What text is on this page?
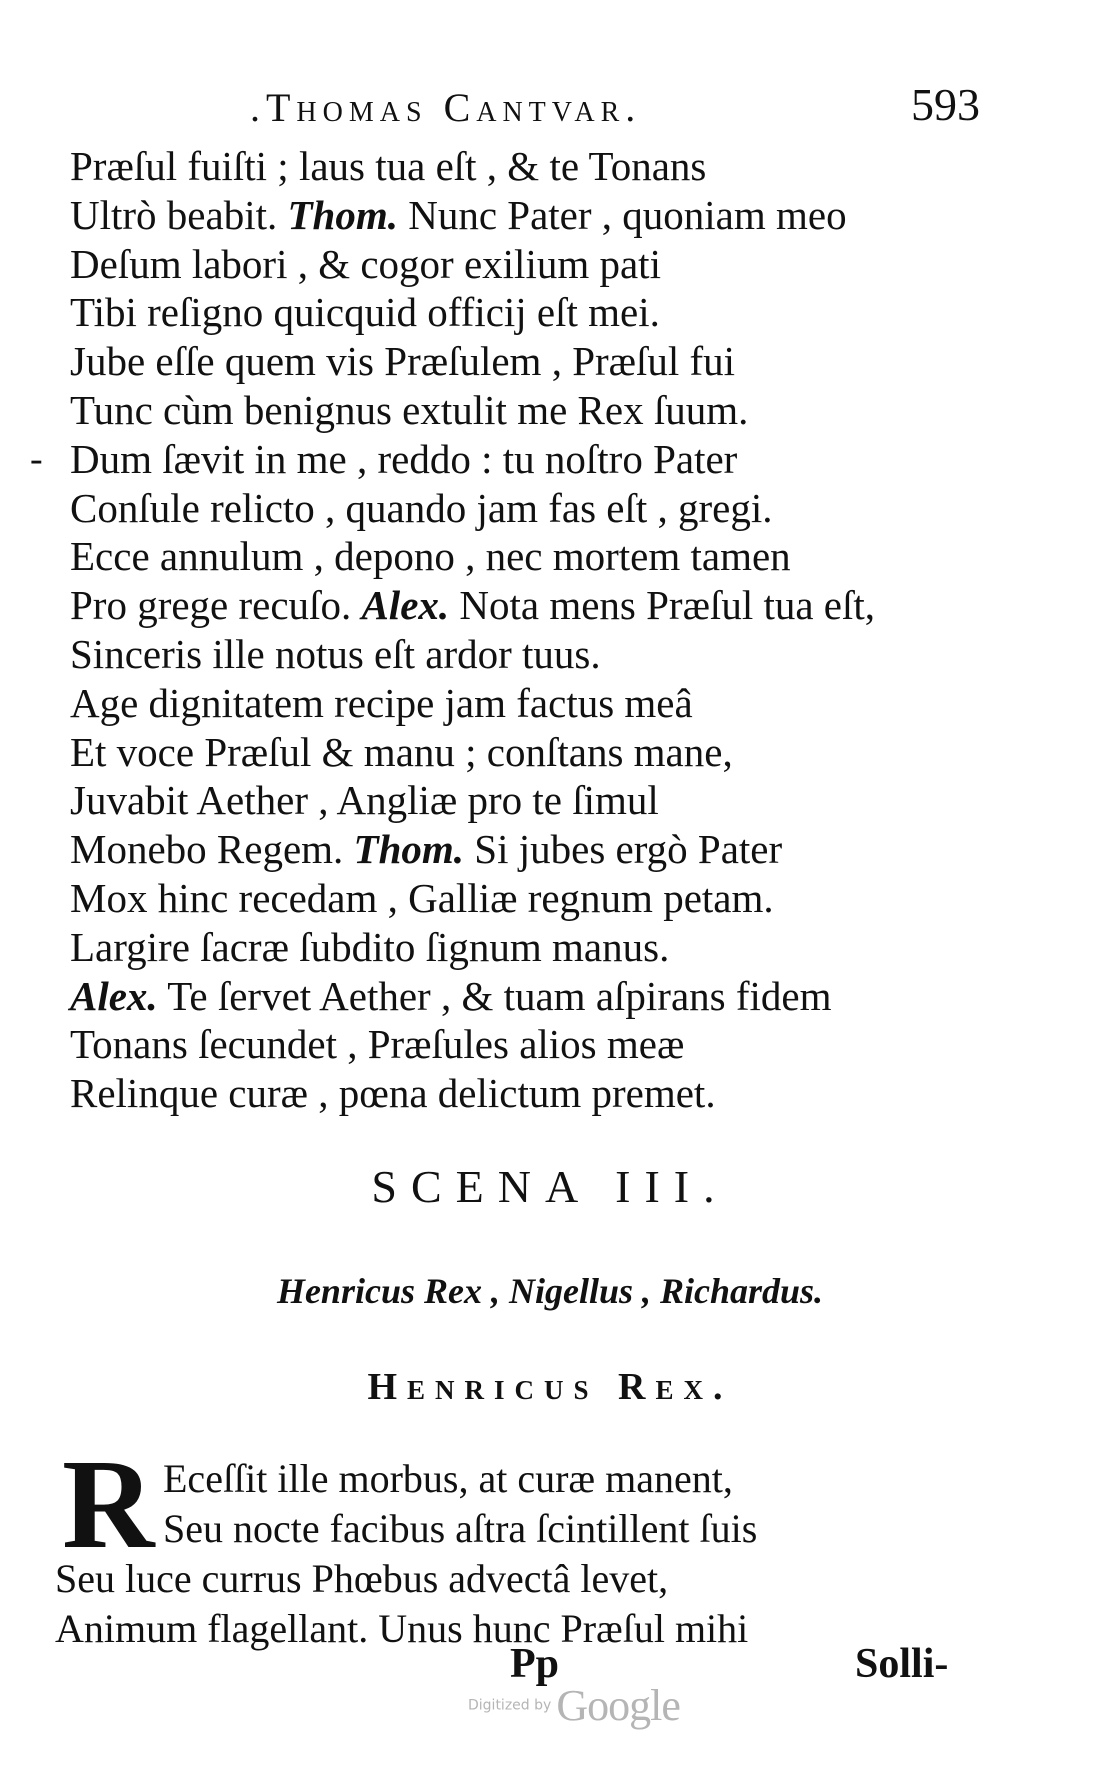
.Thomas Cantvar.	593
Præſul fuiſti ; laus tua eſt , & te Tonans
Ultrò beabit. Thom. Nunc Pater , quoniam meo
Deſum labori , & cogor exilium pati
Tibi reſigno quicquid officij eſt mei.
Jube eſſe quem vis Præſulem , Præſul fui
Tunc cùm benignus extulit me Rex ſuum.
- Dum ſævit in me , reddo : tu noſtro Pater
Conſule relicto , quando jam fas eſt , gregi.
Ecce annulum , depono , nec mortem tamen
Pro grege recuſo. Alex. Nota mens Præſul tua eſt,
Sinceris ille notus eſt ardor tuus.
Age dignitatem recipe jam factus meâ
Et voce Præſul & manu ; conſtans mane,
Juvabit Aether , Angliæ pro te ſimul
Monebo Regem. Thom. Si jubes ergò Pater
Mox hinc recedam , Galliæ regnum petam.
Largire ſacræ ſubdito ſignum manus.
Alex. Te ſervet Aether , & tuam aſpirans fidem
Tonans ſecundet , Præſules alios meæ
Relinque curæ , pœna delictum premet.
SCENA III.
Henricus Rex , Nigellus , Richardus.
Henricus Rex.
R Eceſſit ille morbus, at curæ manent,
Seu nocte facibus aſtra ſcintillent ſuis
Seu luce currus Phœbus advectâ levet,
Animum flagellant. Unus hunc Præſul mihi
Pp	Solli-
Digitized by Google
